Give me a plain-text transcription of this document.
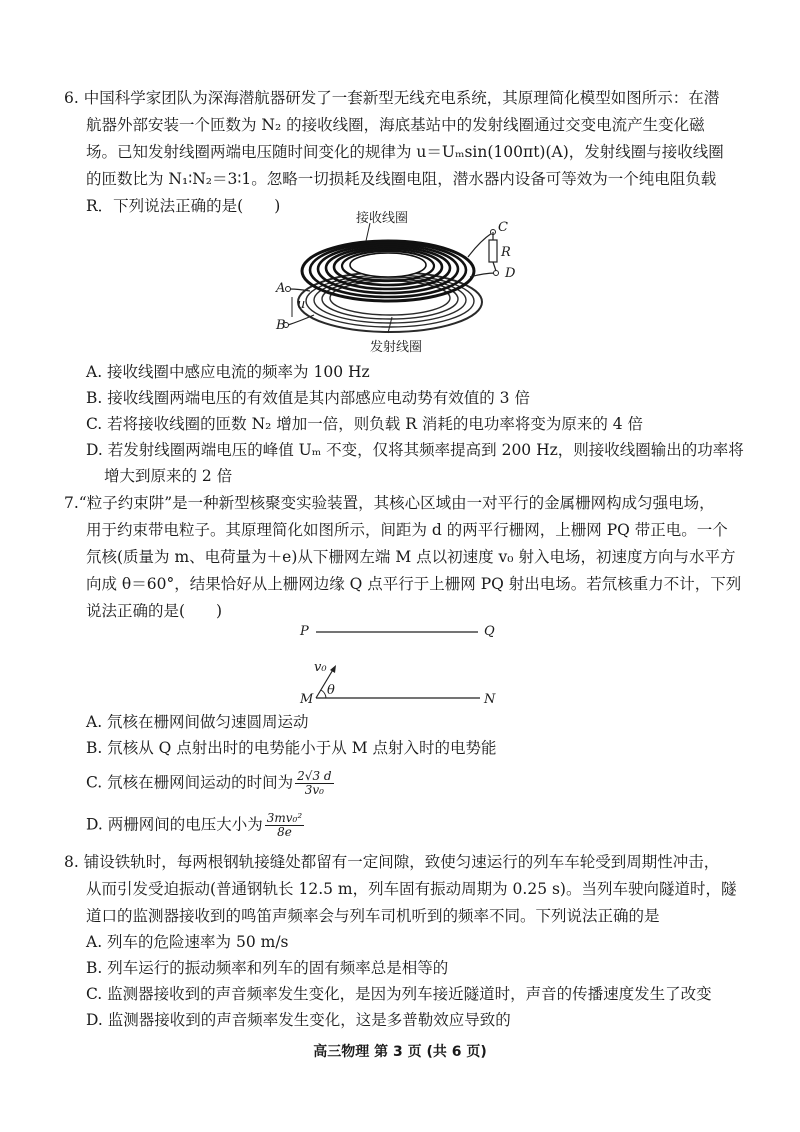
6. 中国科学家团队为深海潜航器研发了一套新型无线充电系统，其原理简化模型如图所示：在潜
航器外部安装一个匝数为 N₂ 的接收线圈，海底基站中的发射线圈通过交变电流产生变化磁
场。已知发射线圈两端电压随时间变化的规律为 u＝Uₘsin(100πt)(A)，发射线圈与接收线圈
的匝数比为 N₁∶N₂＝3∶1。忽略一切损耗及线圈电阻，潜水器内设备可等效为一个纯电阻负载
R．下列说法正确的是(　　)
接收线圈
C
R
D
A
u
B
发射线圈
A. 接收线圈中感应电流的频率为 100 Hz
B. 接收线圈两端电压的有效值是其内部感应电动势有效值的 3 倍
C. 若将接收线圈的匝数 N₂ 增加一倍，则负载 R 消耗的电功率将变为原来的 4 倍
D. 若发射线圈两端电压的峰值 Uₘ 不变，仅将其频率提高到 200 Hz，则接收线圈输出的功率将
增大到原来的 2 倍
7.“粒子约束阱”是一种新型核聚变实验装置，其核心区域由一对平行的金属栅网构成匀强电场，
用于约束带电粒子。其原理简化如图所示，间距为 d 的两平行栅网，上栅网 PQ 带正电。一个
氘核(质量为 m、电荷量为＋e)从下栅网左端 M 点以初速度 v₀ 射入电场，初速度方向与水平方
向成 θ＝60°，结果恰好从上栅网边缘 Q 点平行于上栅网 PQ 射出电场。若氘核重力不计，下列
说法正确的是(　　)
P	Q
v₀
θ
M	N
A. 氘核在栅网间做匀速圆周运动
B. 氘核从 Q 点射出时的电势能小于从 M 点射入时的电势能
C. 氘核在栅网间运动的时间为 $\frac{2√3 d}{\text{3v₀}}$
D. 两栅网间的电压大小为 $\frac{\text{3mv₀²}}{8e}$
8. 铺设铁轨时，每两根钢轨接缝处都留有一定间隙，致使匀速运行的列车车轮受到周期性冲击，
从而引发受迫振动(普通钢轨长 12.5 m，列车固有振动周期为 0.25 s)。当列车驶向隧道时，隧
道口的监测器接收到的鸣笛声频率会与列车司机听到的频率不同。下列说法正确的是
A. 列车的危险速率为 50 m/s
B. 列车运行的振动频率和列车的固有频率总是相等的
C. 监测器接收到的声音频率发生变化，是因为列车接近隧道时，声音的传播速度发生了改变
D. 监测器接收到的声音频率发生变化，这是多普勒效应导致的
高三物理 第 3 页 (共 6 页)
